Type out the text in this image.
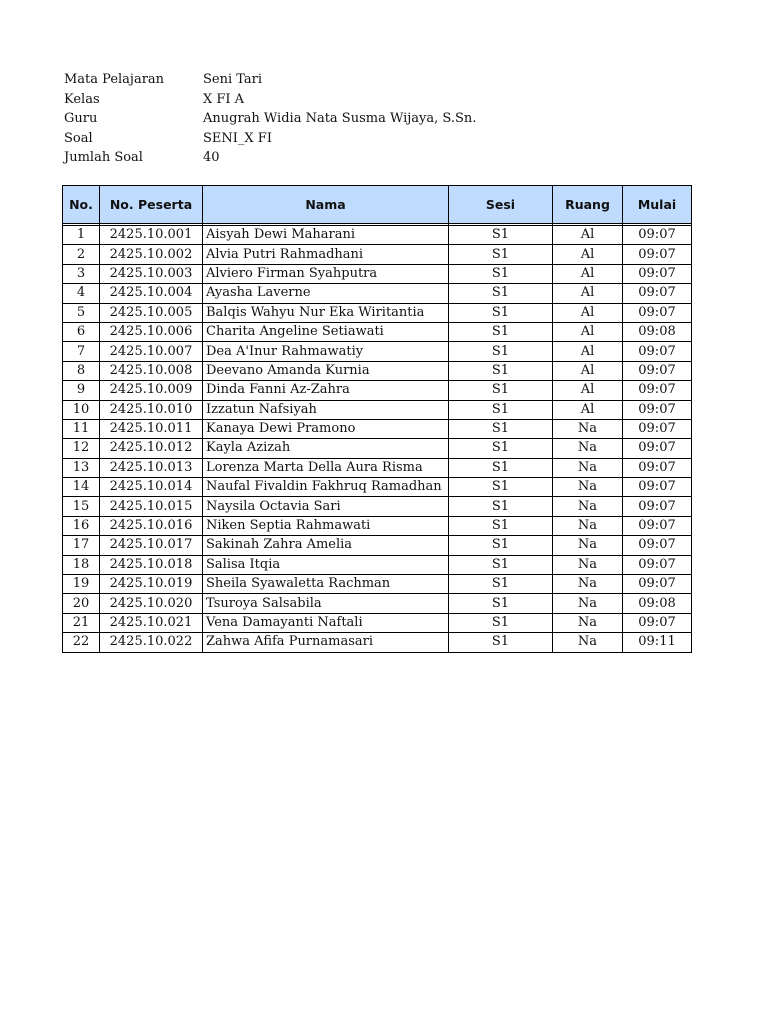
Mata Pelajaran	Seni Tari
Kelas	X FI A
Guru	Anugrah Widia Nata Susma Wijaya, S.Sn.
Soal	SENI_X FI
Jumlah Soal	40
No.	No. Peserta	Nama	Sesi	Ruang	Mulai

1	2425.10.001	Aisyah Dewi Maharani	S1	Al	09:07
2	2425.10.002	Alvia Putri Rahmadhani	S1	Al	09:07
3	2425.10.003	Alviero Firman Syahputra	S1	Al	09:07
4	2425.10.004	Ayasha Laverne	S1	Al	09:07
5	2425.10.005	Balqis Wahyu Nur Eka Wiritantia	S1	Al	09:07
6	2425.10.006	Charita Angeline Setiawati	S1	Al	09:08
7	2425.10.007	Dea A'Inur Rahmawatiy	S1	Al	09:07
8	2425.10.008	Deevano Amanda Kurnia	S1	Al	09:07
9	2425.10.009	Dinda Fanni Az-Zahra	S1	Al	09:07
10	2425.10.010	Izzatun Nafsiyah	S1	Al	09:07
11	2425.10.011	Kanaya Dewi Pramono	S1	Na	09:07
12	2425.10.012	Kayla Azizah	S1	Na	09:07
13	2425.10.013	Lorenza Marta Della Aura Risma	S1	Na	09:07
14	2425.10.014	Naufal Fivaldin Fakhruq Ramadhan	S1	Na	09:07
15	2425.10.015	Naysila Octavia Sari	S1	Na	09:07
16	2425.10.016	Niken Septia Rahmawati	S1	Na	09:07
17	2425.10.017	Sakinah Zahra Amelia	S1	Na	09:07
18	2425.10.018	Salisa Itqia	S1	Na	09:07
19	2425.10.019	Sheila Syawaletta Rachman	S1	Na	09:07
20	2425.10.020	Tsuroya Salsabila	S1	Na	09:08
21	2425.10.021	Vena Damayanti Naftali	S1	Na	09:07
22	2425.10.022	Zahwa Afifa Purnamasari	S1	Na	09:11
